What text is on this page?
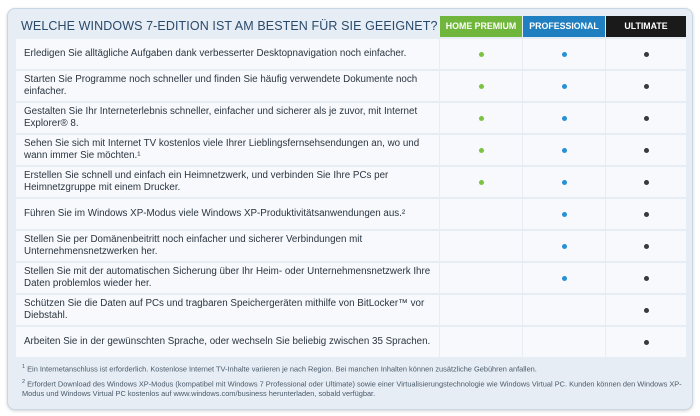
WELCHE WINDOWS 7-EDITION IST AM BESTEN FÜR SIE GEEIGNET? HOME PREMIUM	PROFESSIONAL	ULTIMATE
Erledigen Sie alltägliche Aufgaben dank verbesserter Desktopnavigation noch einfacher.
Starten Sie Programme noch schneller und finden Sie häufig verwendete Dokumente noch einfacher.
Gestalten Sie Ihr Interneterlebnis schneller, einfacher und sicherer als je zuvor, mit Internet Explorer® 8.
Sehen Sie sich mit Internet TV kostenlos viele Ihrer Lieblingsfernsehsendungen an, wo und wann immer Sie möchten.¹
Erstellen Sie schnell und einfach ein Heimnetzwerk, und verbinden Sie Ihre PCs per Heimnetzgruppe mit einem Drucker.
Führen Sie im Windows XP-Modus viele Windows XP-Produktivitätsanwendungen aus.²
Stellen Sie per Domänenbeitritt noch einfacher und sicherer Verbindungen mit Unternehmensnetzwerken her.
Stellen Sie mit der automatischen Sicherung über Ihr Heim- oder Unternehmensnetzwerk Ihre Daten problemlos wieder her.
Schützen Sie die Daten auf PCs und tragbaren Speichergeräten mithilfe von BitLocker™ vor Diebstahl.
Arbeiten Sie in der gewünschten Sprache, oder wechseln Sie beliebig zwischen 35 Sprachen.
$^1$ Ein Internetanschluss ist erforderlich. Kostenlose Internet TV-Inhalte variieren je nach Region. Bei manchen Inhalten können zusätzliche Gebühren anfallen.
$^2$ Erfordert Download des Windows XP-Modus (kompatibel mit Windows 7 Professional oder Ultimate) sowie einer Virtualisierungstechnologie wie Windows Virtual PC. Kunden können den Windows XP-Modus und Windows Virtual PC kostenlos auf www.windows.com/business herunterladen, sobald verfügbar.
